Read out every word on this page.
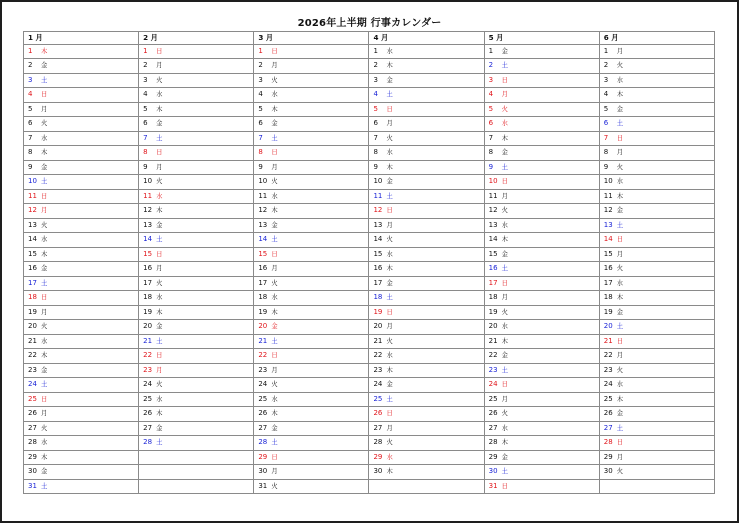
2026年上半期 行事カレンダー
1 月	2 月	3 月	4 月	5 月	6 月
1 木	1 日	1 日	1 水	1 金	1 月
2 金	2 月	2 月	2 木	2 土	2 火
3 土	3 火	3 火	3 金	3 日	3 水
4 日	4 水	4 水	4 土	4 月	4 木
5 月	5 木	5 木	5 日	5 火	5 金
6 火	6 金	6 金	6 月	6 水	6 土
7 水	7 土	7 土	7 火	7 木	7 日
8 木	8 日	8 日	8 水	8 金	8 月
9 金	9 月	9 月	9 木	9 土	9 火
10 土	10 火	10 火	10 金	10 日	10 水
11 日	11 水	11 水	11 土	11 月	11 木
12 月	12 木	12 木	12 日	12 火	12 金
13 火	13 金	13 金	13 月	13 水	13 土
14 水	14 土	14 土	14 火	14 木	14 日
15 木	15 日	15 日	15 水	15 金	15 月
16 金	16 月	16 月	16 木	16 土	16 火
17 土	17 火	17 火	17 金	17 日	17 水
18 日	18 水	18 水	18 土	18 月	18 木
19 月	19 木	19 木	19 日	19 火	19 金
20 火	20 金	20 金	20 月	20 水	20 土
21 水	21 土	21 土	21 火	21 木	21 日
22 木	22 日	22 日	22 水	22 金	22 月
23 金	23 月	23 月	23 木	23 土	23 火
24 土	24 火	24 火	24 金	24 日	24 水
25 日	25 水	25 水	25 土	25 月	25 木
26 月	26 木	26 木	26 日	26 火	26 金
27 火	27 金	27 金	27 月	27 水	27 土
28 水	28 土	28 土	28 火	28 木	28 日
29 木		29 日	29 水	29 金	29 月
30 金		30 月	30 木	30 土	30 火
31 土		31 火		31 日	
